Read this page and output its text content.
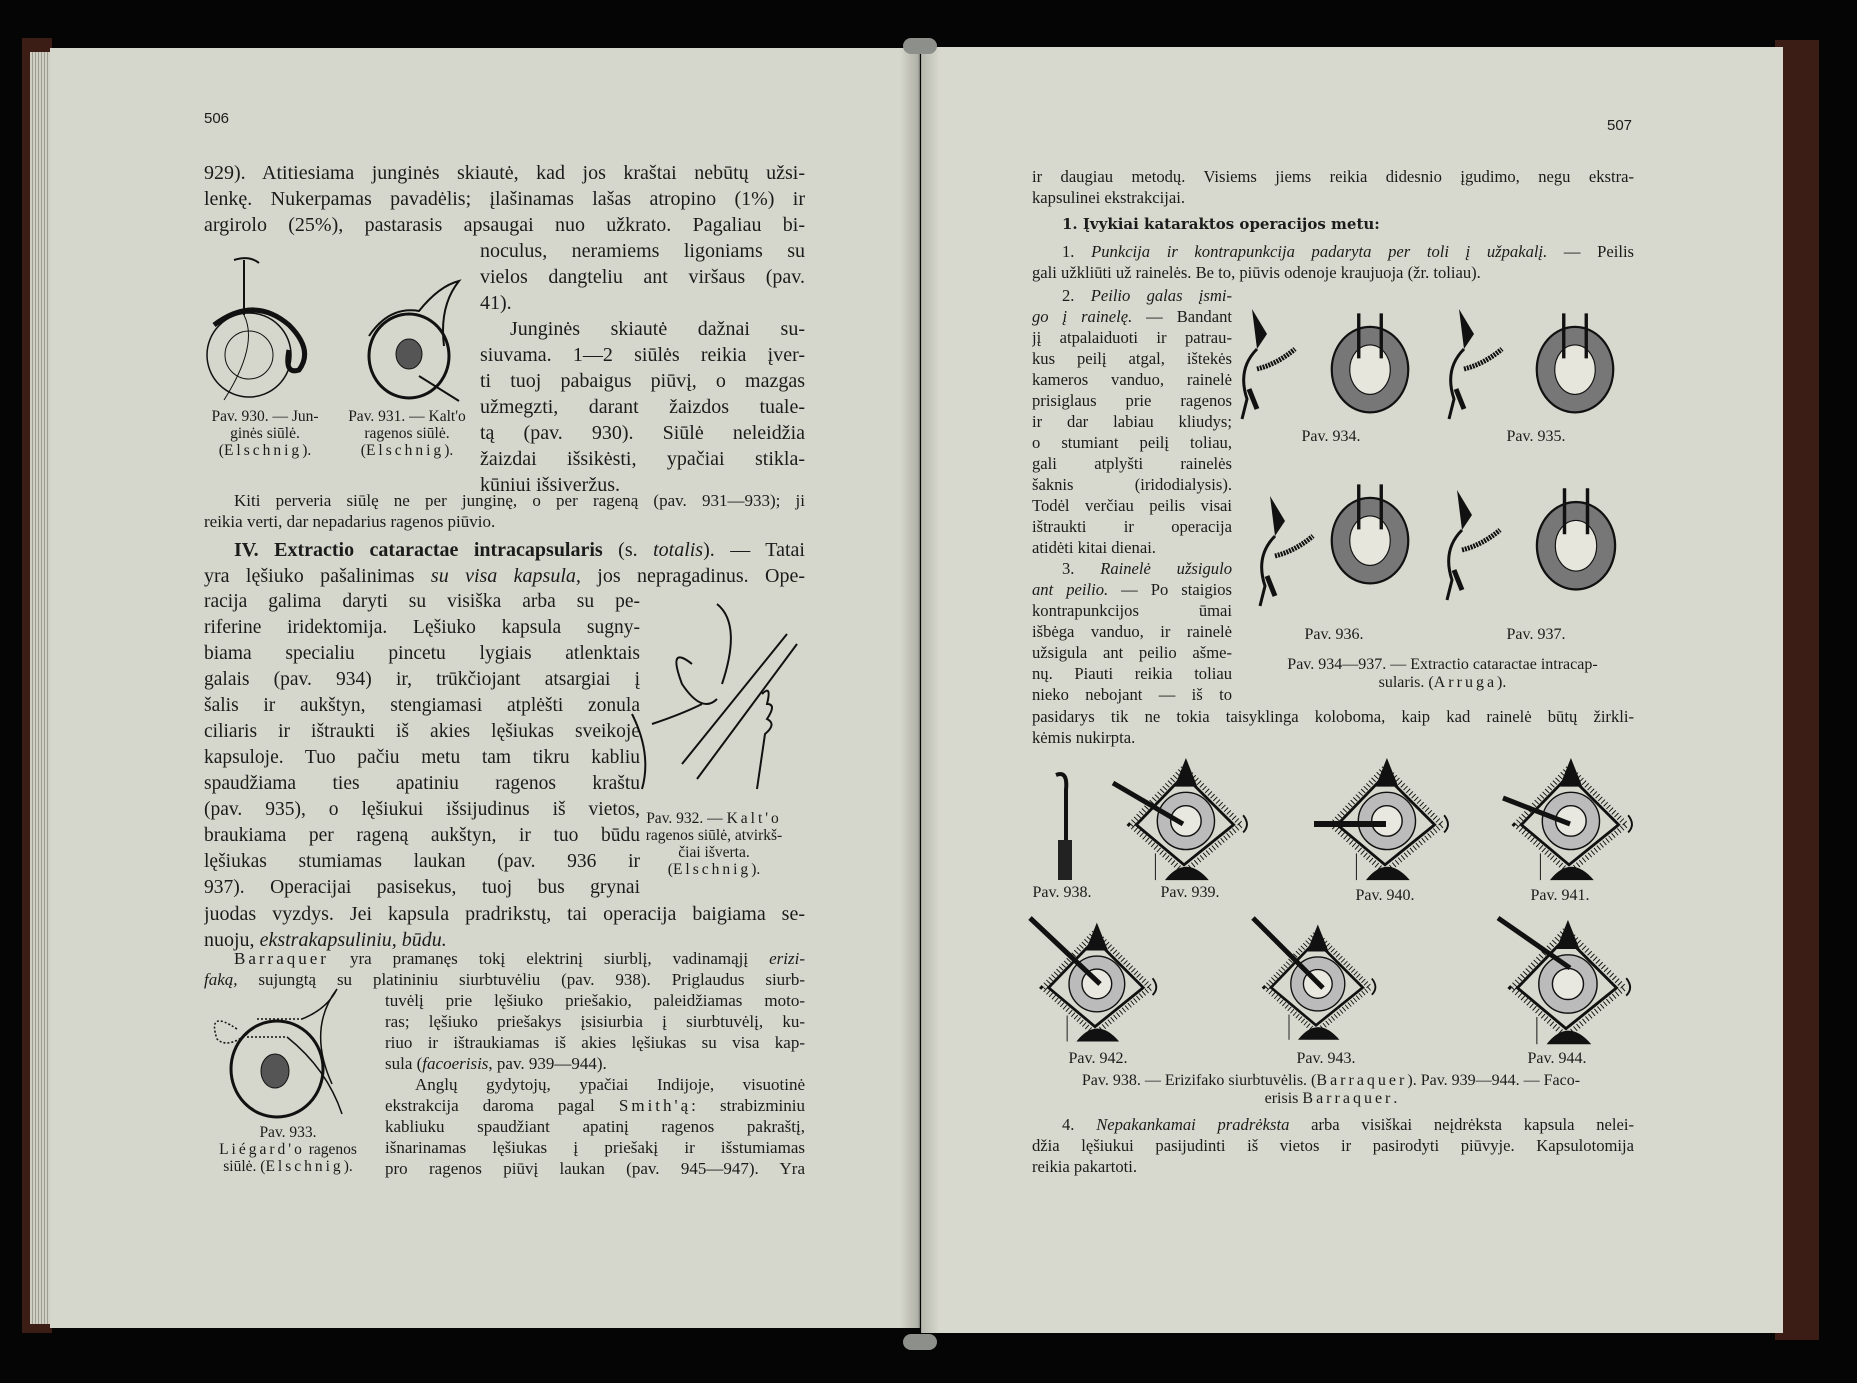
506
929). Atitiesiama junginės skiautė, kad jos kraštai nebūtų užsi-
lenkę. Nukerpamas pavadėlis; įlašinamas lašas atropino (1%) ir
argirolo (25%), pastarasis apsaugai nuo užkrato. Pagaliau bi-
noculus, neramiems ligoniams su
vielos dangteliu ant viršaus (pav.
41).
Junginės skiautė dažnai su-
siuvama. 1—2 siūlės reikia įver-
ti tuoj pabaigus piūvį, o mazgas
užmegzti, darant žaizdos tuale-
tą (pav. 930). Siūlė neleidžia
žaizdai išsikėsti, ypačiai stikla-
kūniui išsiveržus.
Pav. 930. — Jun-
ginės siūlė.
(Elschnig).
Pav. 931. — Kalt'o
ragenos siūlė.
(Elschnig).
Kiti perveria siūlę ne per junginę, o per rageną (pav. 931—933); ji
reikia verti, dar nepadarius ragenos piūvio.
IV. Extractio cataractae intracapsularis (s. totalis). — Tatai
yra lęšiuko pašalinimas su visa kapsula, jos nepragadinus. Ope-
racija galima daryti su visiška arba su pe-
riferine iridektomija. Lęšiuko kapsula sugny-
biama specialiu pincetu lygiais atlenktais
galais (pav. 934) ir, trūkčiojant atsargiai į
šalis ir aukštyn, stengiamasi atplėšti zonula
ciliaris ir ištraukti iš akies lęšiukas sveikoje
kapsuloje. Tuo pačiu metu tam tikru kabliu
spaudžiama ties apatiniu ragenos kraštu
(pav. 935), o lęšiukui išsijudinus iš vietos,
braukiama per rageną aukštyn, ir tuo būdu
lęšiukas stumiamas laukan (pav. 936 ir
937). Operacijai pasisekus, tuoj bus grynai
Pav. 932. — Kalt'o
ragenos siūlė, atvirkš-
čiai išverta.
(Elschnig).
juodas vyzdys. Jei kapsula pradrikstų, tai operacija baigiama se-
nuoju, ekstrakapsuliniu, būdu.
Barraquer yra pramanęs tokį elektrinį siurblį, vadinamąjį erizi-
faką, sujungtą su platininiu siurbtuvėliu (pav. 938). Priglaudus siurb-
tuvėlį prie lęšiuko priešakio, paleidžiamas moto-
ras; lęšiuko priešakys įsisiurbia į siurbtuvėlį, ku-
riuo ir ištraukiamas iš akies lęšiukas su visa kap-
sula (facoerisis, pav. 939—944).
Anglų gydytojų, ypačiai Indijoje, visuotinė
ekstrakcija daroma pagal Smith'ą: strabizminiu
kabliuku spaudžiant apatinį ragenos pakraštį,
išnarinamas lęšiukas į priešakį ir išstumiamas
pro ragenos piūvį laukan (pav. 945—947). Yra
Pav. 933.
Liégard'o ragenos
siūlė. (Elschnig).
507
ir daugiau metodų. Visiems jiems reikia didesnio įgudimo, negu ekstra-
kapsulinei ekstrakcijai.
1. Įvykiai kataraktos operacijos metu:
1. Punkcija ir kontrapunkcija padaryta per toli į užpakalį. — Peilis
gali užkliūti už rainelės. Be to, piūvis odenoje kraujuoja (žr. toliau).
2. Peilio galas įsmi-
go į rainelę. — Bandant
jį atpalaiduoti ir patrau-
kus peilį atgal, ištekės
kameros vanduo, rainelė
prisiglaus prie ragenos
ir dar labiau kliudys;
o stumiant peilį toliau,
gali atplyšti rainelės
šaknis (iridodialysis).
Todėl verčiau peilis visai
ištraukti ir operacija
atidėti kitai dienai.
3. Rainelė užsigulo
ant peilio. — Po staigios
kontrapunkcijos ūmai
išbėga vanduo, ir rainelė
užsigula ant peilio ašme-
nų. Piauti reikia toliau
nieko nebojant — iš to
pasidarys tik ne tokia taisyklinga koloboma, kaip kad rainelė būtų žirkli-
kėmis nukirpta.
Pav. 934.	Pav. 935.
Pav. 936.	Pav. 937.
Pav. 934—937. — Extractio cataractae intracap-
sularis. (Arruga).
Pav. 938.	Pav. 939.	Pav. 940.	Pav. 941.
Pav. 942.	Pav. 943.	Pav. 944.
Pav. 938. — Erizifako siurbtuvėlis. (Barraquer). Pav. 939—944. — Faco-
erisis Barraquer.
4. Nepakankamai pradrėksta arba visiškai neįdrėksta kapsula nelei-
džia lęšiukui pasijudinti iš vietos ir pasirodyti piūvyje. Kapsulotomija
reikia pakartoti.
